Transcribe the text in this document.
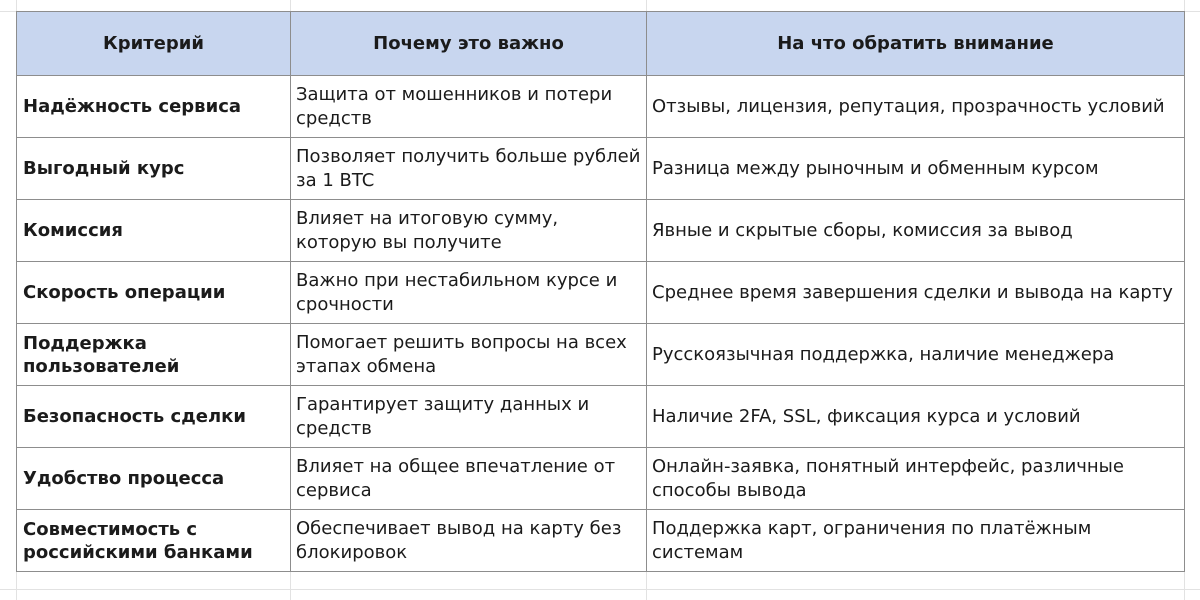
Критерий	Почему это важно	На что обратить внимание
Надёжность сервиса	Защита от мошенников и потери средств	Отзывы, лицензия, репутация, прозрачность условий
Выгодный курс	Позволяет получить больше рублей за 1 BTC	Разница между рыночным и обменным курсом
Комиссия	Влияет на итоговую сумму, которую вы получите	Явные и скрытые сборы, комиссия за вывод
Скорость операции	Важно при нестабильном курсе и срочности	Среднее время завершения сделки и вывода на карту
Поддержка пользователей	Помогает решить вопросы на всех этапах обмена	Русскоязычная поддержка, наличие менеджера
Безопасность сделки	Гарантирует защиту данных и средств	Наличие 2FA, SSL, фиксация курса и условий
Удобство процесса	Влияет на общее впечатление от сервиса	Онлайн-заявка, понятный интерфейс, различные способы вывода
Совместимость с российскими банками	Обеспечивает вывод на карту без блокировок	Поддержка карт, ограничения по платёжным системам
